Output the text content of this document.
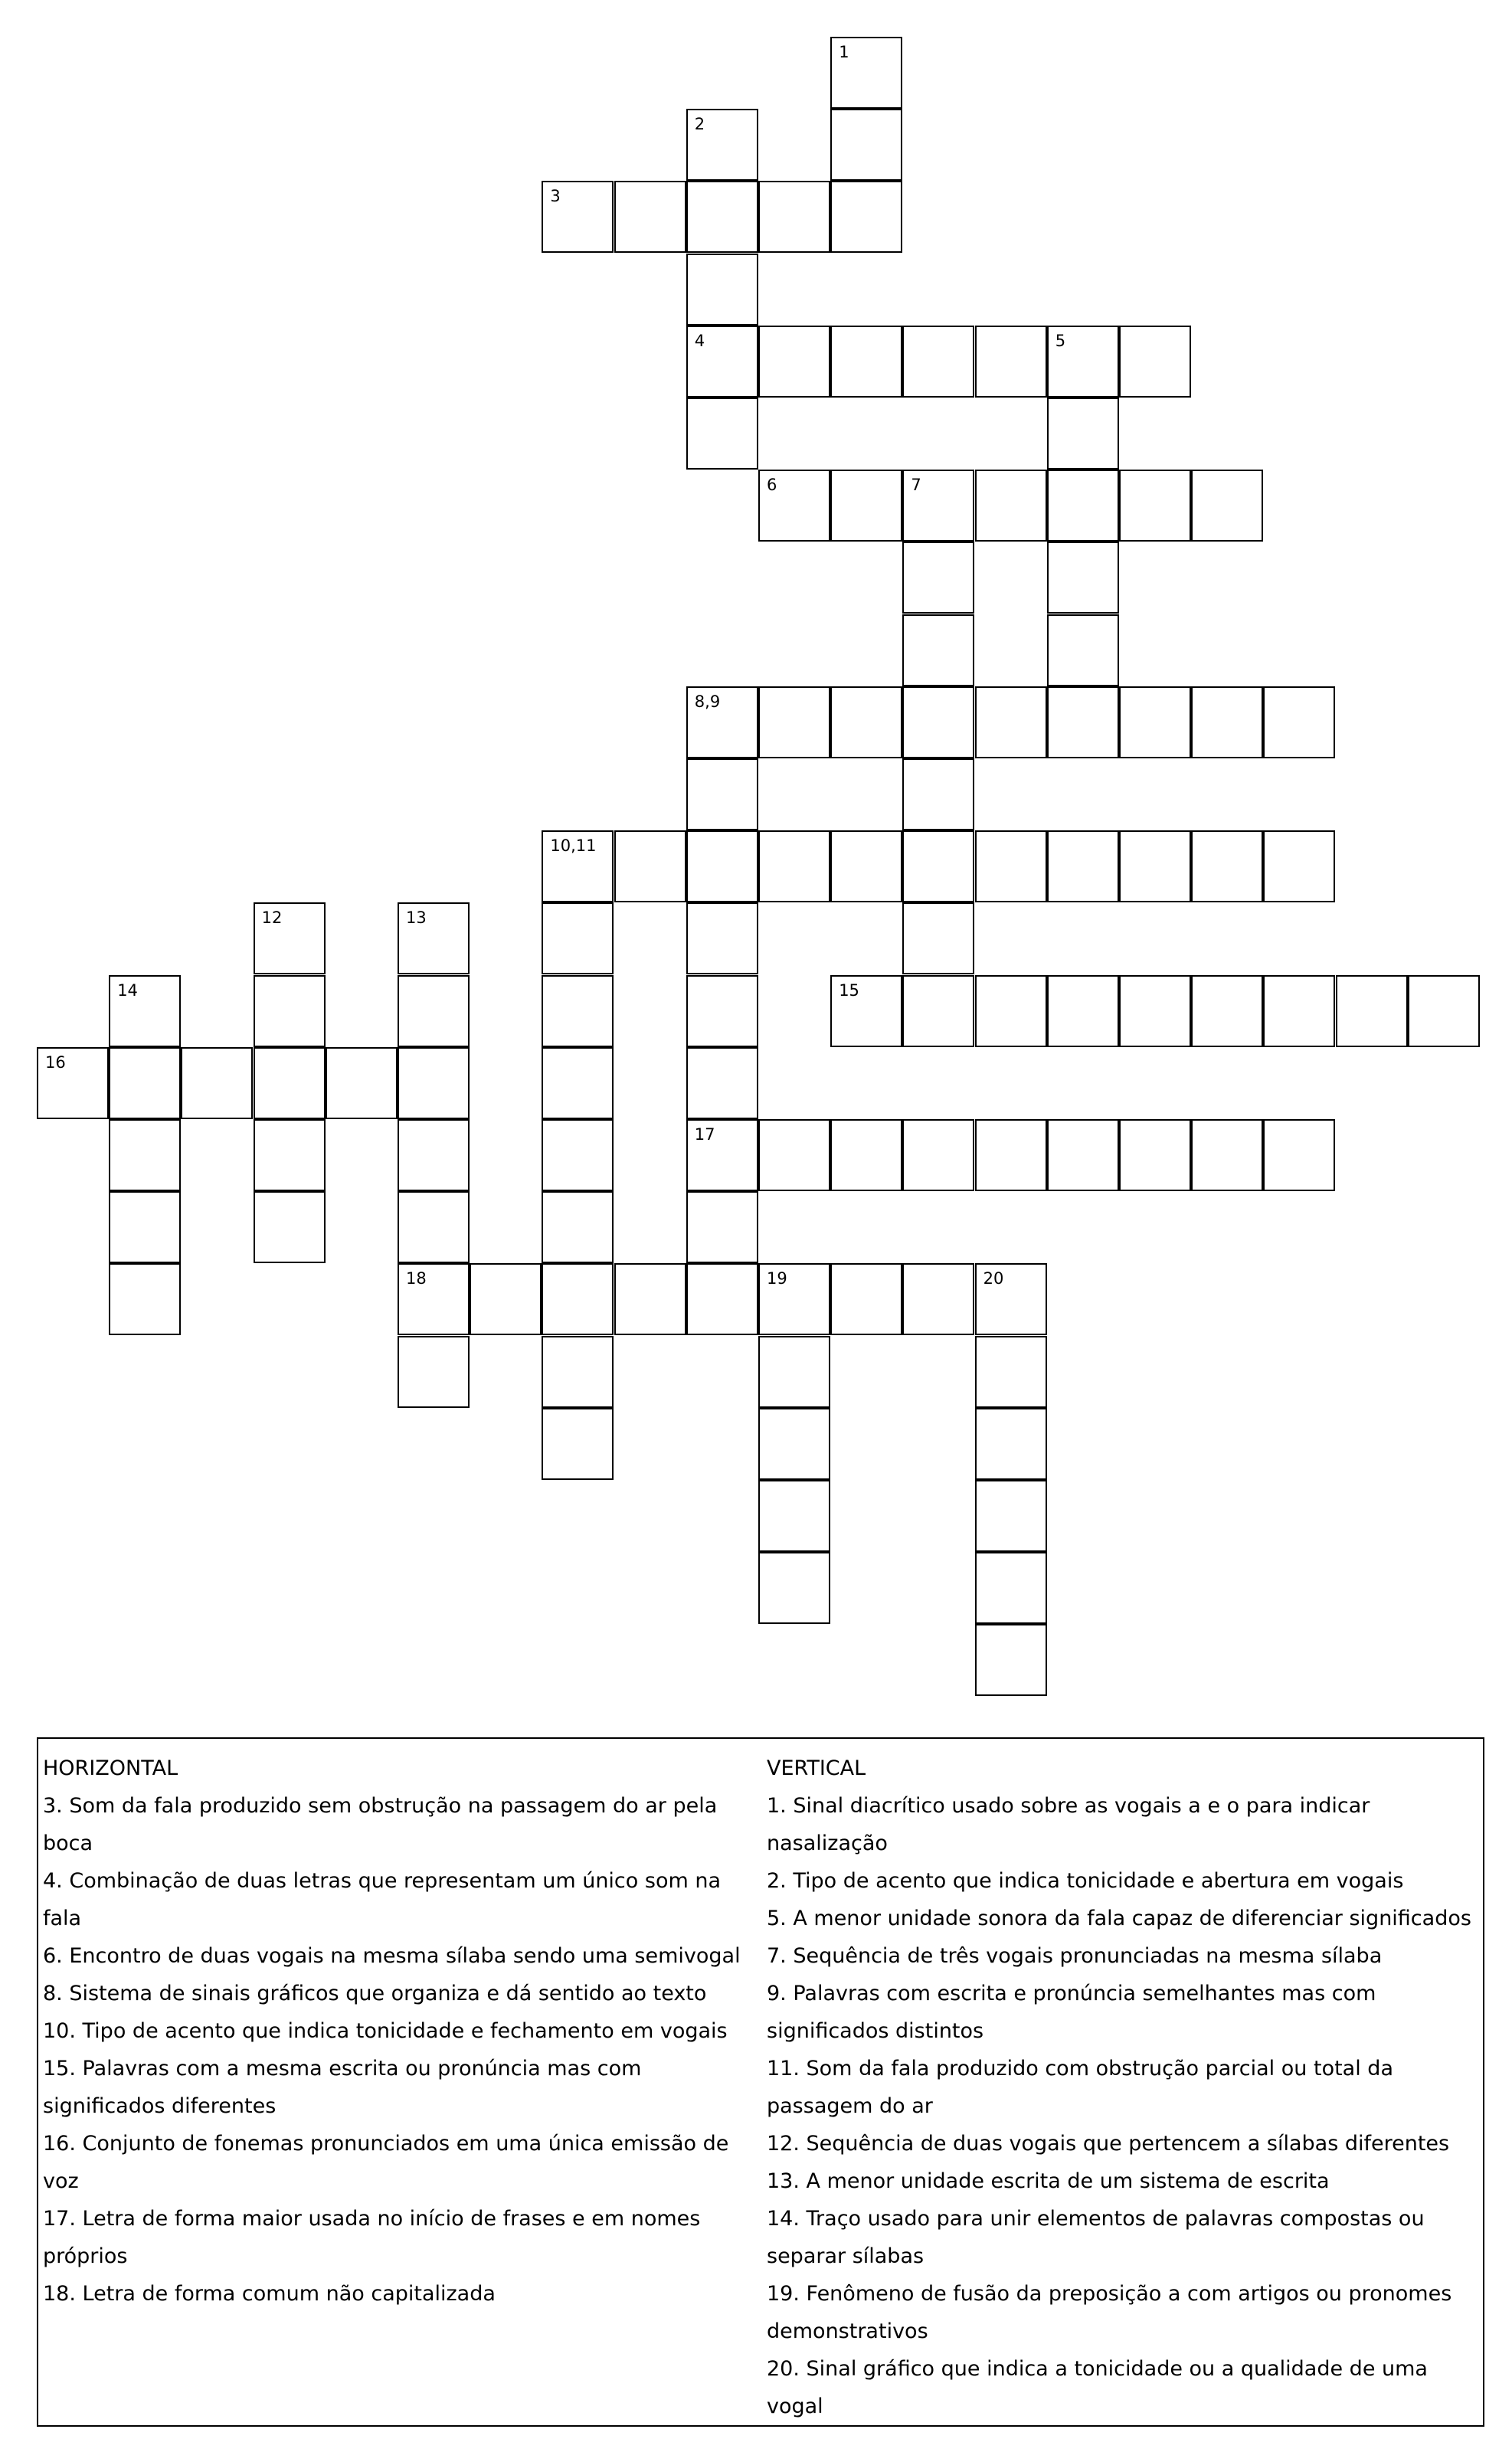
1
2
4
3
5
6	7
8,9
17
10,11
12	13
18
14	15
16
19	20
HORIZONTAL
3. Som da fala produzido sem obstrução na passagem do ar pela
boca
4. Combinação de duas letras que representam um único som na fala
6. Encontro de duas vogais na mesma sílaba sendo uma semivogal
8. Sistema de sinais gráficos que organiza e dá sentido ao texto
10. Tipo de acento que indica tonicidade e fechamento em vogais
15. Palavras com a mesma escrita ou pronúncia mas com
significados diferentes
16. Conjunto de fonemas pronunciados em uma única emissão de
voz
17. Letra de forma maior usada no início de frases e em nomes
próprios
18. Letra de forma comum não capitalizada
VERTICAL
1. Sinal diacrítico usado sobre as vogais a e o para indicar
nasalização
2. Tipo de acento que indica tonicidade e abertura em vogais
5. A menor unidade sonora da fala capaz de diferenciar significados
7. Sequência de três vogais pronunciadas na mesma sílaba
9. Palavras com escrita e pronúncia semelhantes mas com
significados distintos
11. Som da fala produzido com obstrução parcial ou total da
passagem do ar
12. Sequência de duas vogais que pertencem a sílabas diferentes
13. A menor unidade escrita de um sistema de escrita
14. Traço usado para unir elementos de palavras compostas ou
separar sílabas
19. Fenômeno de fusão da preposição a com artigos ou pronomes
demonstrativos
20. Sinal gráfico que indica a tonicidade ou a qualidade de uma vogal
